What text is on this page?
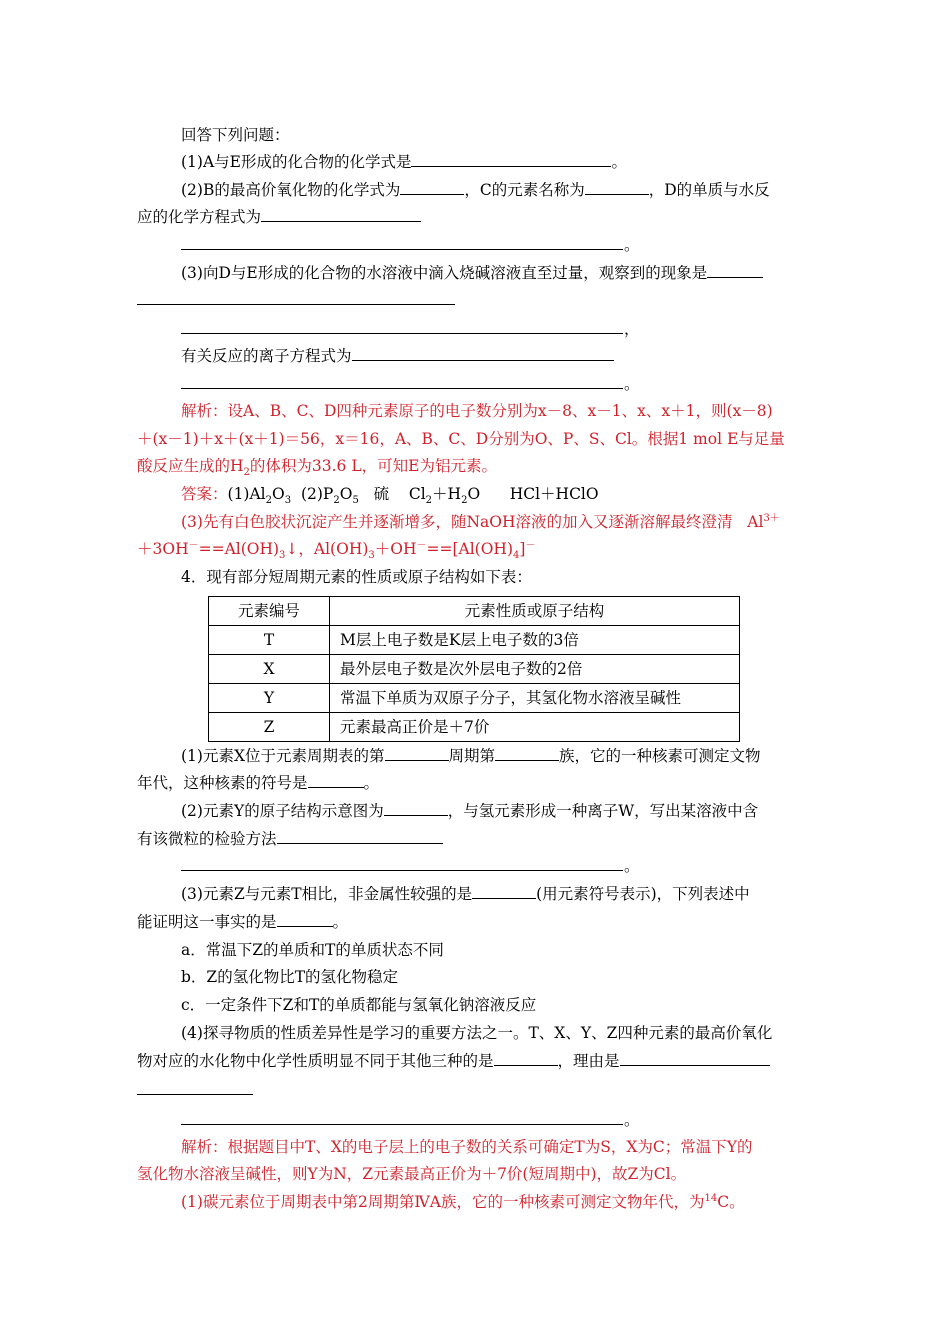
回答下列问题：
(1)A与E形成的化合物的化学式是	。
(2)B的最高价氧化物的化学式为	，C的元素名称为	，D的单质与水反
应的化学方程式为
。
(3)向D与E形成的化合物的水溶液中滴入烧碱溶液直至过量，观察到的现象是
，
有关反应的离子方程式为
。
解析：设A、B、C、D四种元素原子的电子数分别为x－8、x－1、x、x＋1，则(x－8)
＋(x－1)＋x＋(x＋1)＝56，x＝16，A、B、C、D分别为O、P、S、Cl。根据1 mol E与足量
酸反应生成的$H_2$的体积为33.6 L，可知E为铝元素。
答案：$(1)Al_2O_3$ $(2)P_2O_5$ 硫 $Cl_2+H_2O$ HCl＋HClO
(3)先有白色胶状沉淀产生并逐渐增多，随NaOH溶液的加入又逐渐溶解最终澄清 $Al^{3+}$
$+3OH^-==Al(OH)_3↓$，$Al(OH)_3+OH^-==[Al(OH)_4]^-$
4．现有部分短周期元素的性质或原子结构如下表：
元素编号	元素性质或原子结构
T	M层上电子数是K层上电子数的3倍
X	最外层电子数是次外层电子数的2倍
Y	常温下单质为双原子分子，其氢化物水溶液呈碱性
Z	元素最高正价是＋7价
(1)元素X位于元素周期表的第	周期第	族，它的一种核素可测定文物
年代，这种核素的符号是	。
(2)元素Y的原子结构示意图为	，与氢元素形成一种离子W，写出某溶液中含
有该微粒的检验方法
。
(3)元素Z与元素T相比，非金属性较强的是	(用元素符号表示)，下列表述中
能证明这一事实的是	。
a．常温下Z的单质和T的单质状态不同
b．Z的氢化物比T的氢化物稳定
c．一定条件下Z和T的单质都能与氢氧化钠溶液反应
(4)探寻物质的性质差异性是学习的重要方法之一。T、X、Y、Z四种元素的最高价氧化
物对应的水化物中化学性质明显不同于其他三种的是	，理由是
。
解析：根据题目中T、X的电子层上的电子数的关系可确定T为S，X为C；常温下Y的
氢化物水溶液呈碱性，则Y为N，Z元素最高正价为＋7价(短周期中)，故Z为Cl。
(1)碳元素位于周期表中第2周期第ⅣA族，它的一种核素可测定文物年代，为$^{14}$C。
